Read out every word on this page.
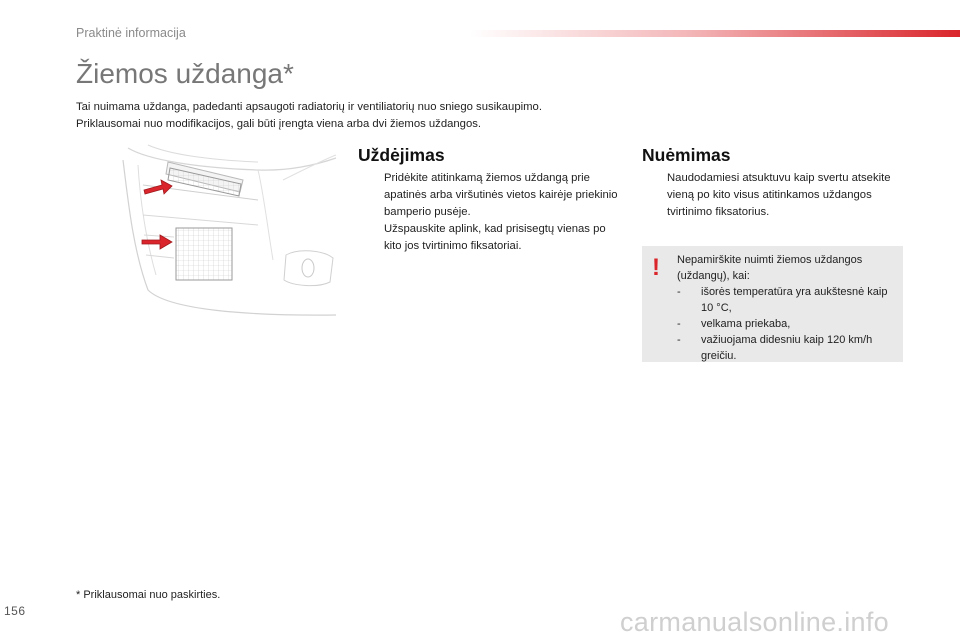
Praktinė informacija
Žiemos uždanga*
Tai nuimama uždanga, padedanti apsaugoti radiatorių ir ventiliatorių nuo sniego susikaupimo.
Priklausomai nuo modifikacijos, gali būti įrengta viena arba dvi žiemos uždangos.
Uždėjimas
Pridėkite atitinkamą žiemos uždangą prie apatinės arba viršutinės vietos kairėje priekinio bamperio pusėje.
Užspauskite aplink, kad prisisegtų vienas po kito jos tvirtinimo fiksatoriai.
Nuėmimas
Naudodamiesi atsuktuvu kaip svertu atsekite vieną po kito visus atitinkamos uždangos tvirtinimo fiksatorius.
! Nepamirškite nuimti žiemos uždangos (uždangų), kai:
- išorės temperatūra yra aukštesnė kaip 10 °C,
- velkama priekaba,
- važiuojama didesniu kaip 120 km/h greičiu.
* Priklausomai nuo paskirties.
156	carmanualsonline.info
